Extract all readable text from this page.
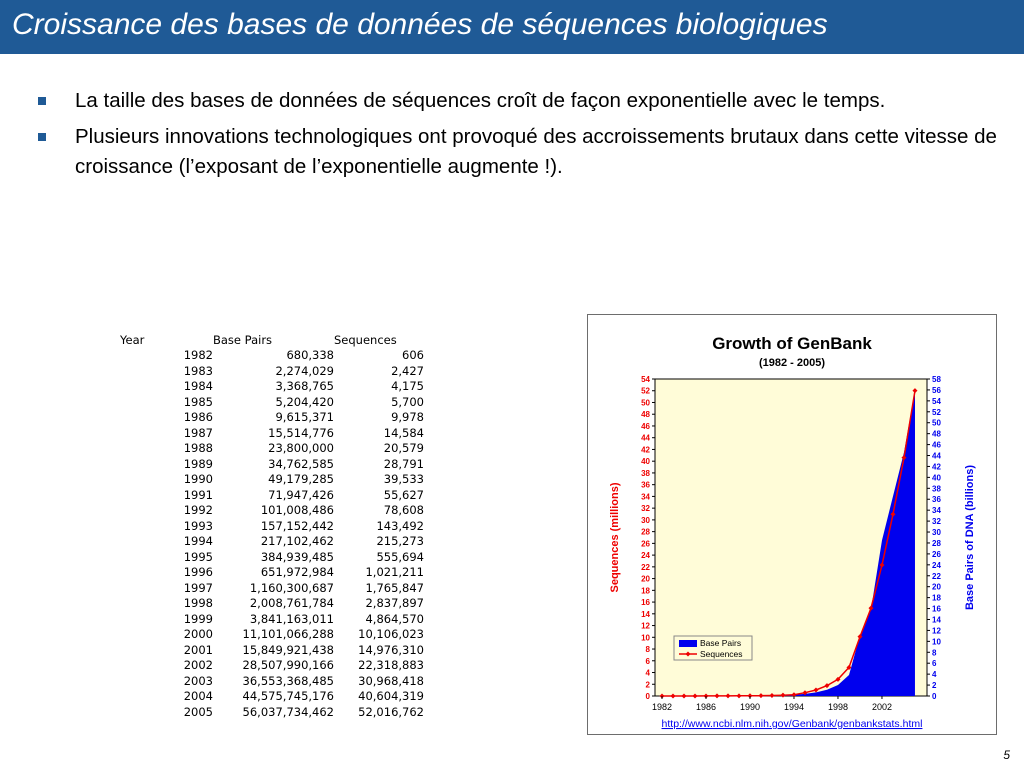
Croissance des bases de données de séquences biologiques
La taille des bases de données de séquences croît de façon exponentielle avec le temps.
Plusieurs innovations technologiques ont provoqué des accroissements brutaux dans cette vitesse de croissance (l’exposant de l’exponentielle augmente !).
Year	Base Pairs	Sequences
1982	680,338	606
1983	2,274,029	2,427
1984	3,368,765	4,175
1985	5,204,420	5,700
1986	9,615,371	9,978
1987	15,514,776	14,584
1988	23,800,000	20,579
1989	34,762,585	28,791
1990	49,179,285	39,533
1991	71,947,426	55,627
1992	101,008,486	78,608
1993	157,152,442	143,492
1994	217,102,462	215,273
1995	384,939,485	555,694
1996	651,972,984	1,021,211
1997	1,160,300,687	1,765,847
1998	2,008,761,784	2,837,897
1999	3,841,163,011	4,864,570
2000	11,101,066,288	10,106,023
2001	15,849,921,438	14,976,310
2002	28,507,990,166	22,318,883
2003	36,553,368,485	30,968,418
2004	44,575,745,176	40,604,319
2005	56,037,734,462	52,016,762
Growth of GenBank
(1982 - 2005)
0
2
4
6
8
10
12
14
16
18
20
22
24
26
28
30
32
34
36
38
40
42
44
46
48
50
52
54
0
2
4
6
8
10
12
14
16
18
20
22
24
26
28
30
32
34
36
38
40
42
44
46
48
50
52
54
56
58
1982	1986	1990	1994	1998	2002
Sequences (millions)	Base Pairs of DNA (billions)
Base Pairs
Sequences
http://www.ncbi.nlm.nih.gov/Genbank/genbankstats.html
5
